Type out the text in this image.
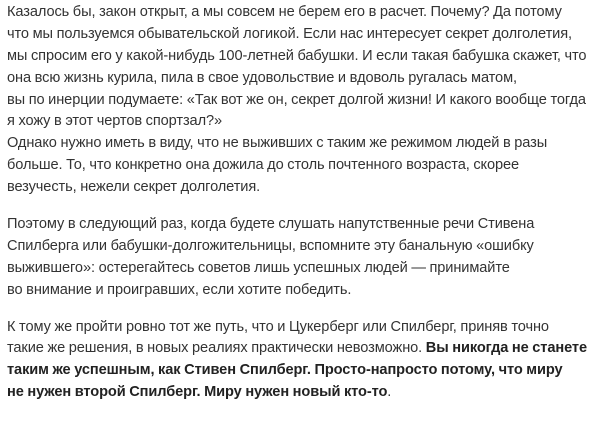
Казалось бы, закон открыт, а мы совсем не берем его в расчет. Почему? Да потому
что мы пользуемся обывательской логикой. Если нас интересует секрет долголетия,
мы спросим его у какой-нибудь 100-летней бабушки. И если такая бабушка скажет, что
она всю жизнь курила, пила в свое удовольствие и вдоволь ругалась матом,
вы по инерции подумаете: «Так вот же он, секрет долгой жизни! И какого вообще тогда
я хожу в этот чертов спортзал?»
Однако нужно иметь в виду, что не выживших с таким же режимом людей в разы
больше. То, что конкретно она дожила до столь почтенного возраста, скорее
везучесть, нежели секрет долголетия.

Поэтому в следующий раз, когда будете слушать напутственные речи Стивена
Спилберга или бабушки-долгожительницы, вспомните эту банальную «ошибку
выжившего»: остерегайтесь советов лишь успешных людей — принимайте
во внимание и проигравших, если хотите победить.

К тому же пройти ровно тот же путь, что и Цукерберг или Спилберг, приняв точно
такие же решения, в новых реалиях практически невозможно. Вы никогда не станете
таким же успешным, как Стивен Спилберг. Просто-напросто потому, что миру
не нужен второй Спилберг. Миру нужен новый кто-то.
